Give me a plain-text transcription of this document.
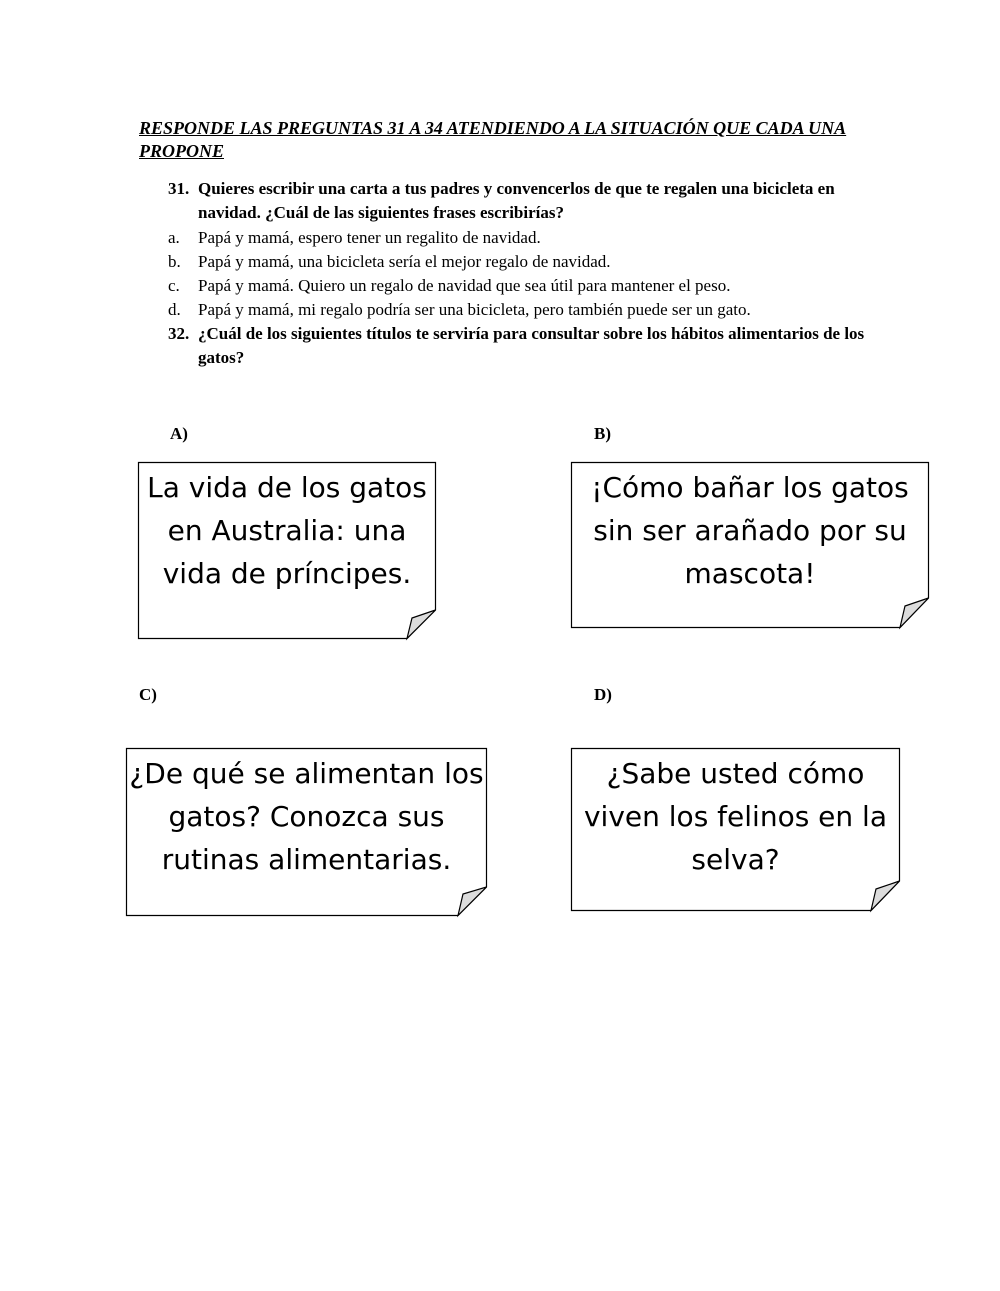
RESPONDE LAS PREGUNTAS 31 A 34 ATENDIENDO A LA SITUACIÓN QUE CADA UNA PROPONE
31. Quieres escribir una carta a tus padres y convencerlos de que te regalen una bicicleta en navidad. ¿Cuál de las siguientes frases escribirías?
a.	Papá y mamá, espero tener un regalito de navidad.
b.	Papá y mamá, una bicicleta sería el mejor regalo de navidad.
c.	Papá y mamá. Quiero un regalo de navidad que sea útil para mantener el peso.
d.	Papá y mamá, mi regalo podría ser una bicicleta, pero también puede ser un gato.
32. ¿Cuál de los siguientes títulos te serviría para consultar sobre los hábitos alimentarios de los gatos?
A)	B)
C)	D)
La vida de los gatos en Australia: una vida de príncipes.
¡Cómo bañar los gatos sin ser arañado por su mascota!
¿De qué se alimentan los gatos? Conozca sus rutinas alimentarias.
¿Sabe usted cómo viven los felinos en la selva?
